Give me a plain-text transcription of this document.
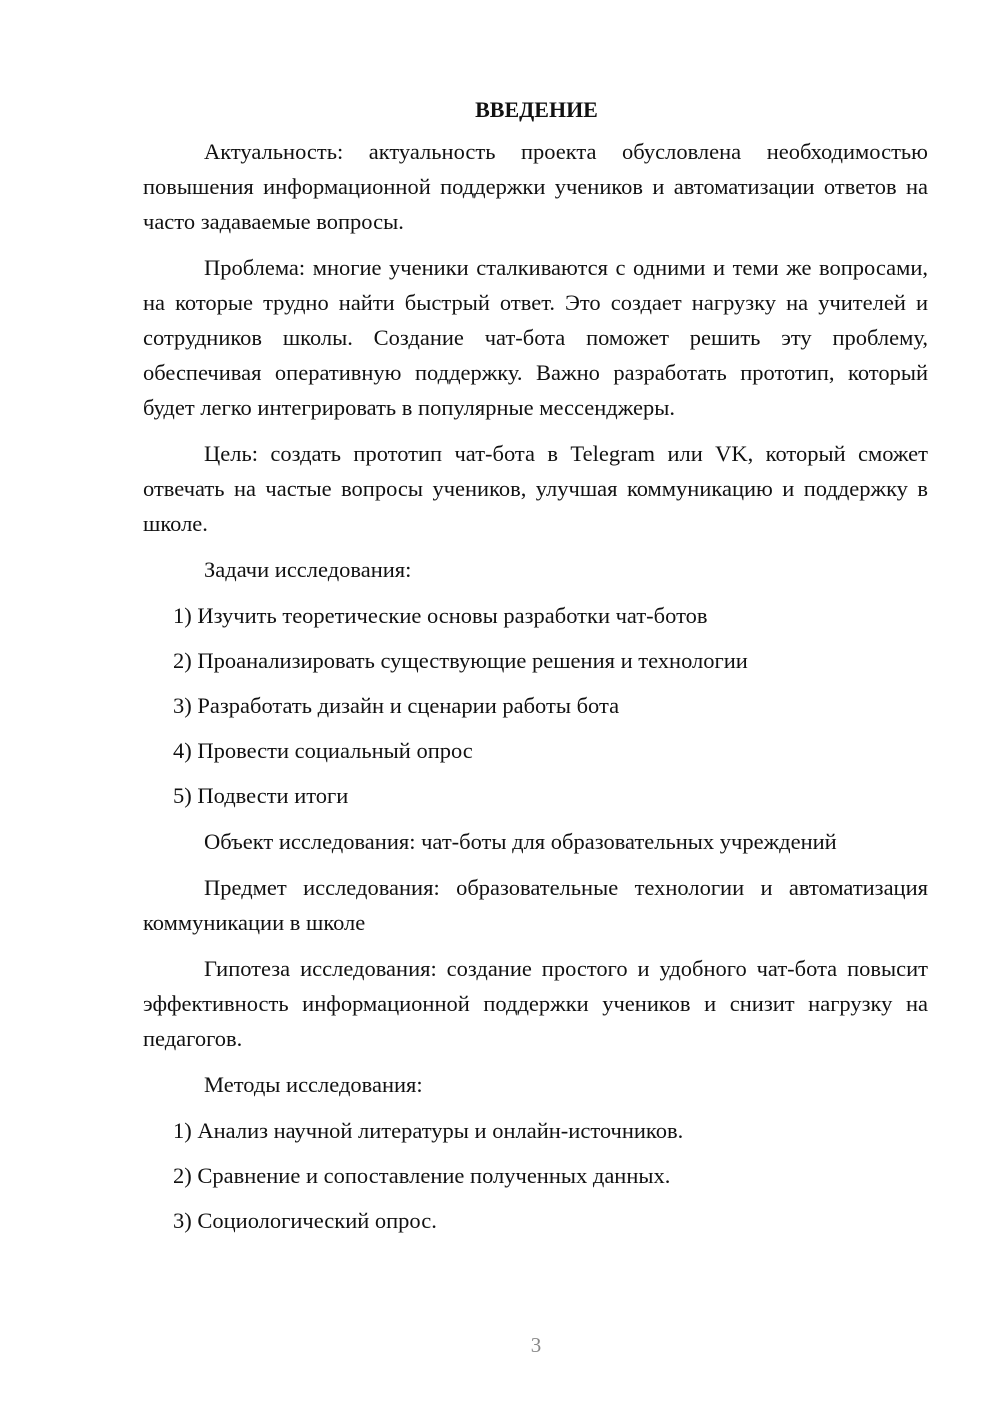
ВВЕДЕНИЕ

Актуальность: актуальность проекта обусловлена необходимостью повышения информационной поддержки учеников и автоматизации ответов на часто задаваемые вопросы.

Проблема: многие ученики сталкиваются с одними и теми же вопросами, на которые трудно найти быстрый ответ. Это создает нагрузку на учителей и сотрудников школы. Создание чат-бота поможет решить эту проблему, обеспечивая оперативную поддержку. Важно разработать прототип, который будет легко интегрировать в популярные мессенджеры.

Цель: создать прототип чат-бота в Telegram или VK, который сможет отвечать на частые вопросы учеников, улучшая коммуникацию и поддержку в школе.

Задачи исследования:

1) Изучить теоретические основы разработки чат-ботов
2) Проанализировать существующие решения и технологии
3) Разработать дизайн и сценарии работы бота
4) Провести социальный опрос
5) Подвести итоги

Объект исследования: чат-боты для образовательных учреждений

Предмет исследования: образовательные технологии и автоматизация коммуникации в школе

Гипотеза исследования: создание простого и удобного чат-бота повысит эффективность информационной поддержки учеников и снизит нагрузку на педагогов.

Методы исследования:

1) Анализ научной литературы и онлайн-источников.
2) Сравнение и сопоставление полученных данных.
3) Социологический опрос.
3
